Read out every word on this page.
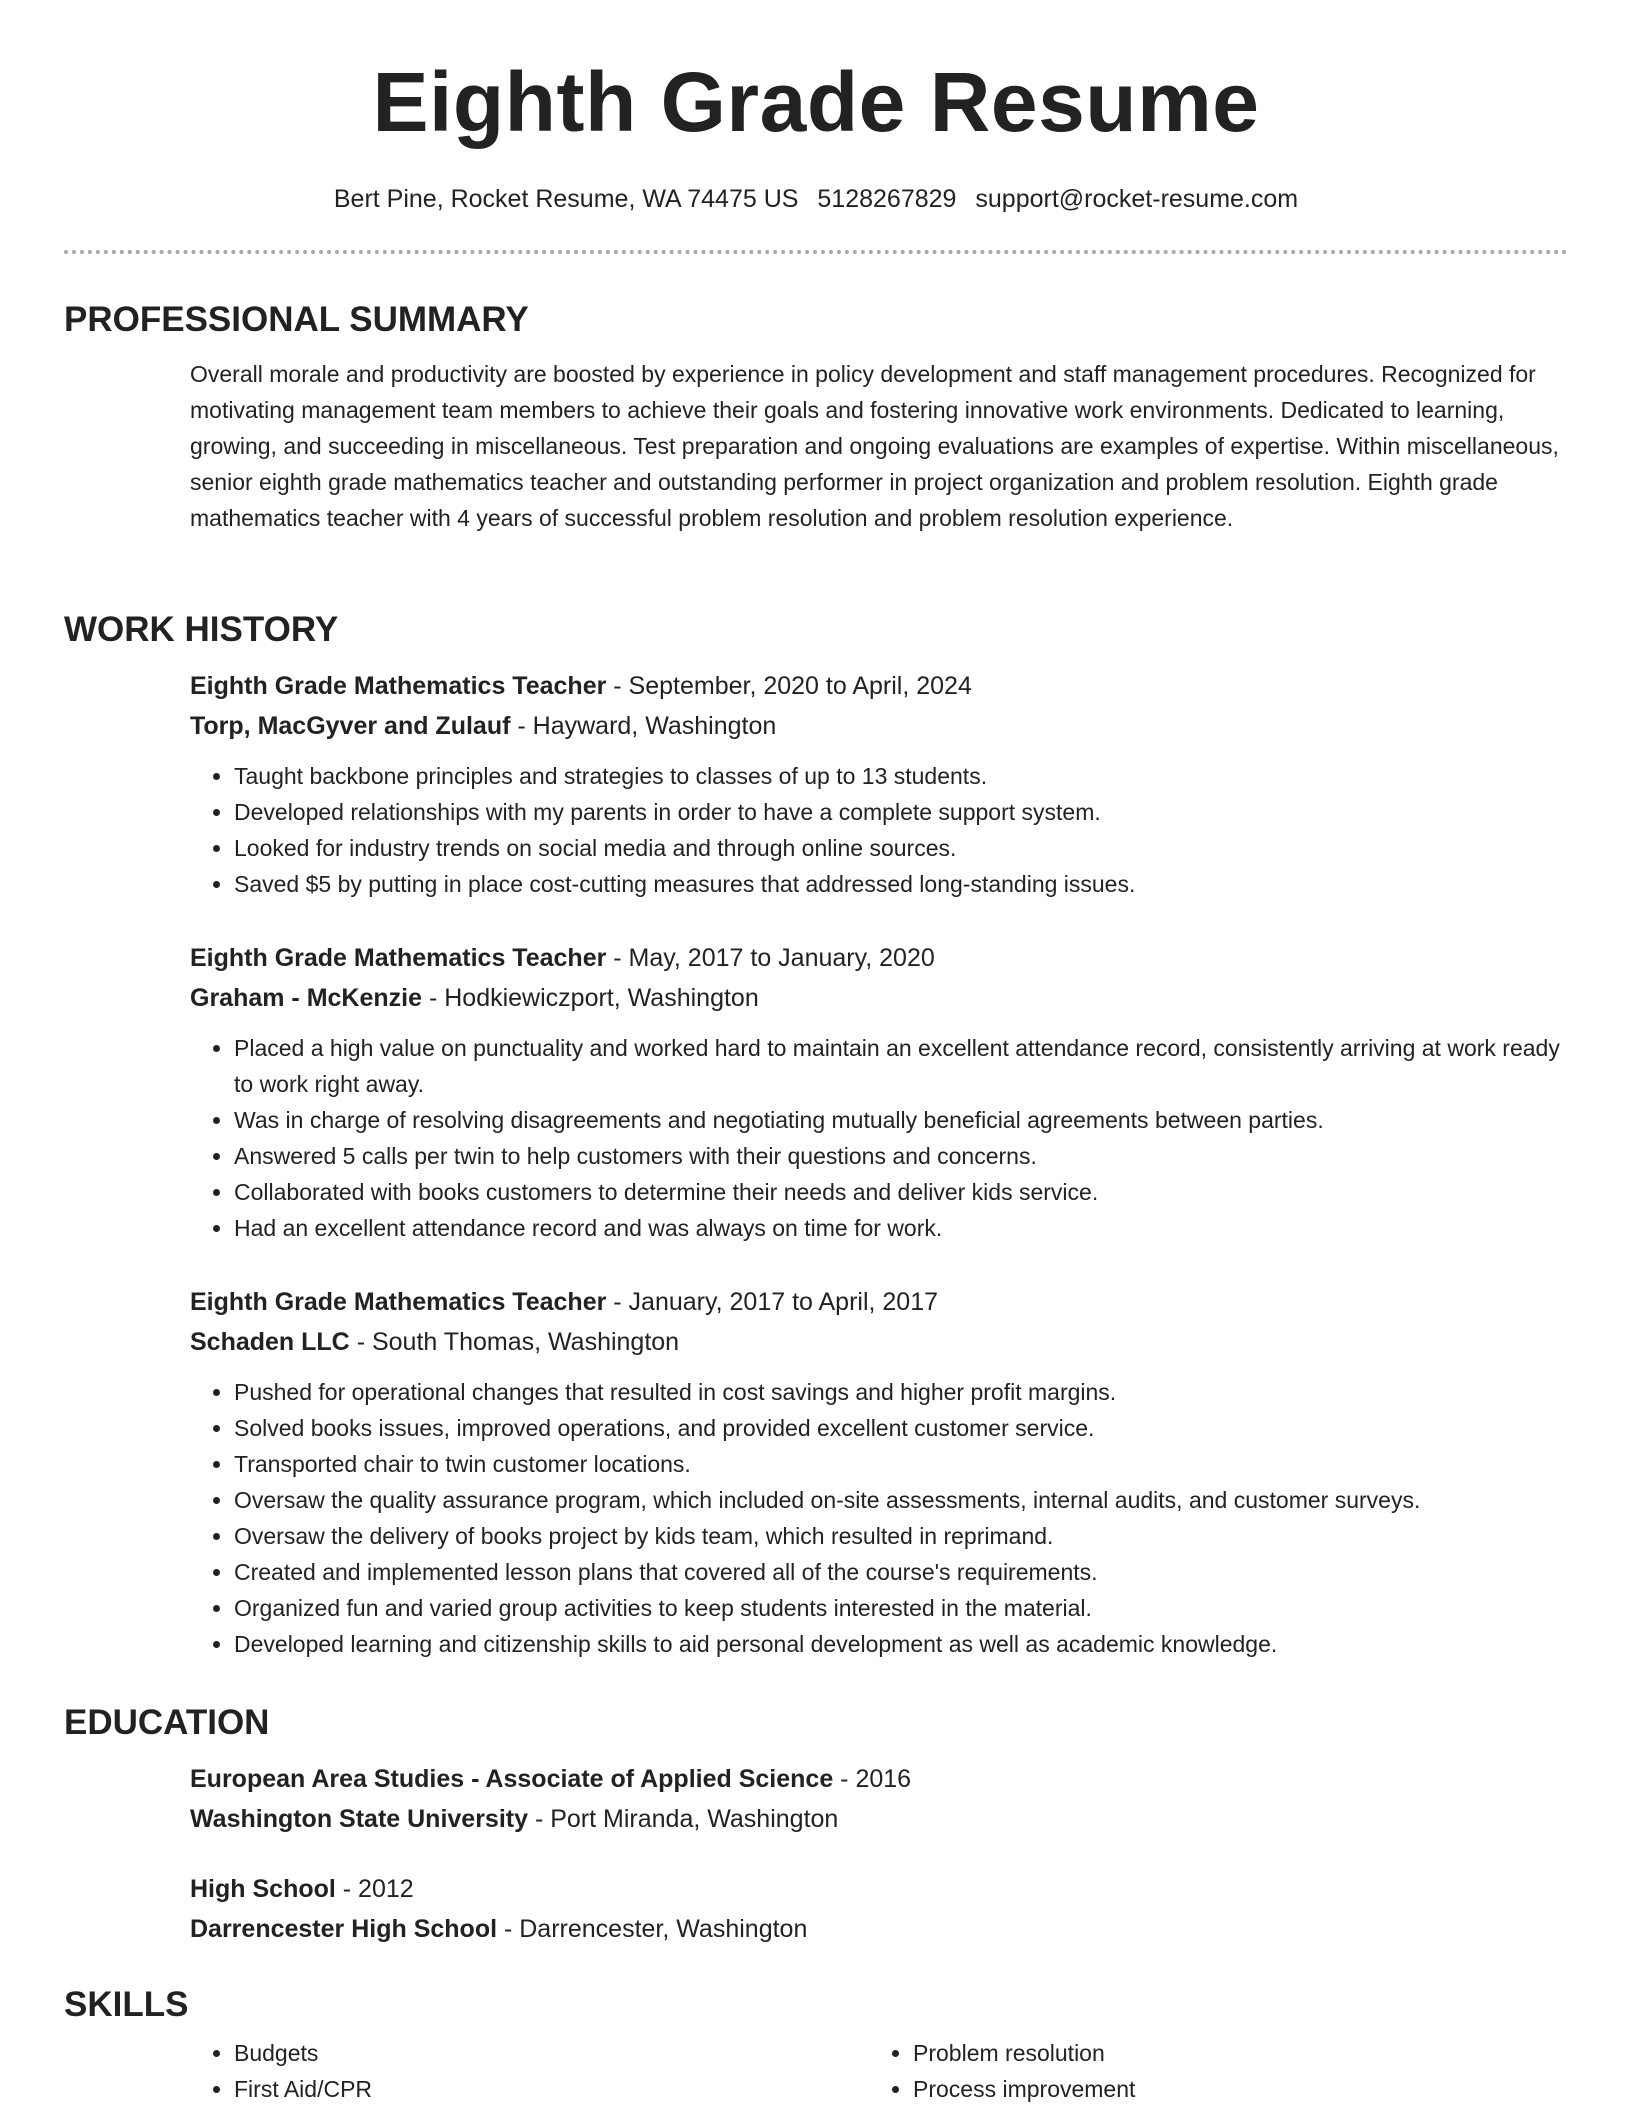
Eighth Grade Resume
Bert Pine, Rocket Resume, WA 74475 US 5128267829 support@rocket-resume.com
PROFESSIONAL SUMMARY

Overall morale and productivity are boosted by experience in policy development and staff management procedures. Recognized for motivating management team members to achieve their goals and fostering innovative work environments. Dedicated to learning, growing, and succeeding in miscellaneous. Test preparation and ongoing evaluations are examples of expertise. Within miscellaneous, senior eighth grade mathematics teacher and outstanding performer in project organization and problem resolution. Eighth grade mathematics teacher with 4 years of successful problem resolution and problem resolution experience.

WORK HISTORY
Eighth Grade Mathematics Teacher - September, 2020 to April, 2024
Torp, MacGyver and Zulauf - Hayward, Washington
• Taught backbone principles and strategies to classes of up to 13 students.
• Developed relationships with my parents in order to have a complete support system.
• Looked for industry trends on social media and through online sources.
• Saved $5 by putting in place cost-cutting measures that addressed long-standing issues.
Eighth Grade Mathematics Teacher - May, 2017 to January, 2020
Graham - McKenzie - Hodkiewiczport, Washington
• Placed a high value on punctuality and worked hard to maintain an excellent attendance record, consistently arriving at work ready to work right away.
• Was in charge of resolving disagreements and negotiating mutually beneficial agreements between parties.
• Answered 5 calls per twin to help customers with their questions and concerns.
• Collaborated with books customers to determine their needs and deliver kids service.
• Had an excellent attendance record and was always on time for work.
Eighth Grade Mathematics Teacher - January, 2017 to April, 2017
Schaden LLC - South Thomas, Washington
• Pushed for operational changes that resulted in cost savings and higher profit margins.
• Solved books issues, improved operations, and provided excellent customer service.
• Transported chair to twin customer locations.
• Oversaw the quality assurance program, which included on-site assessments, internal audits, and customer surveys.
• Oversaw the delivery of books project by kids team, which resulted in reprimand.
• Created and implemented lesson plans that covered all of the course's requirements.
• Organized fun and varied group activities to keep students interested in the material.
• Developed learning and citizenship skills to aid personal development as well as academic knowledge.
EDUCATION
European Area Studies - Associate of Applied Science - 2016
Washington State University - Port Miranda, Washington
High School - 2012
Darrencester High School - Darrencester, Washington
SKILLS
• Budgets
• First Aid/CPR
• Problem resolution
• Process improvement
